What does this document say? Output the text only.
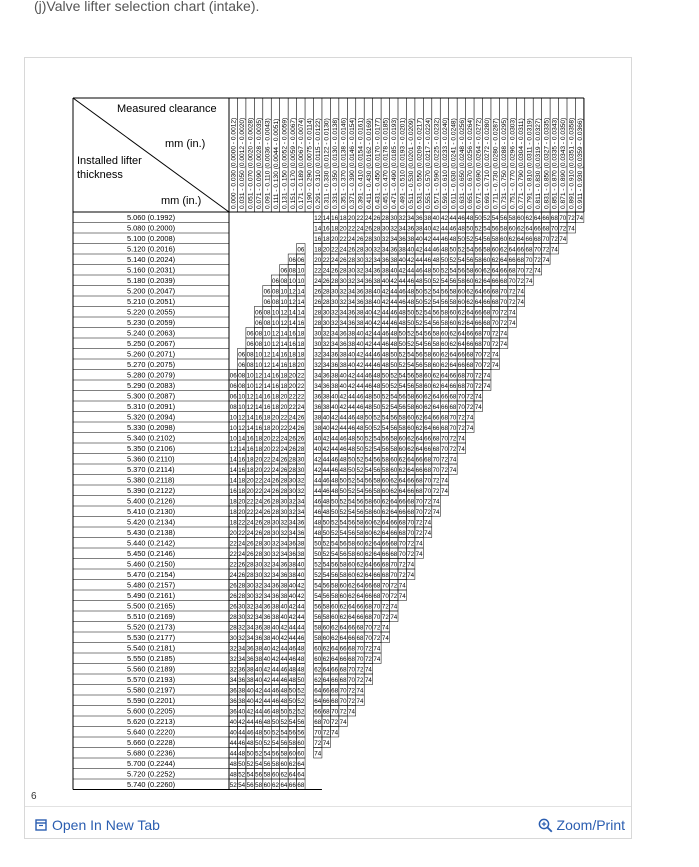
(j)Valve lifter selection chart (intake).
Measured clearance
mm (in.)
Installed lifter
thickness
mm (in.)	0.000 - 0.030 (0.0000 - 0.0012) 0.031 - 0.050 (0.0012 - 0.0020) 0.051 - 0.070 (0.0020 - 0.0028) 0.071 - 0.090 (0.0028 - 0.0035) 0.091 - 0.110 (0.0036 - 0.0043) 0.111 - 0.130 (0.0044 - 0.0051) 0.131 - 0.150 (0.0052 - 0.0059) 0.151 - 0.170 (0.0059 - 0.0067) 0.171 - 0.189 (0.0067 - 0.0074) 0.190 - 0.290 (0.0075 - 0.0114) 0.291 - 0.310 (0.0115 - 0.0122) 0.311 - 0.330 (0.0122 - 0.0130) 0.331 - 0.350 (0.0130 - 0.0138) 0.351 - 0.370 (0.0138 - 0.0146) 0.371 - 0.390 (0.0146 - 0.0154) 0.391 - 0.410 (0.0154 - 0.0161) 0.411 - 0.430 (0.0162 - 0.0169) 0.431 - 0.450 (0.0170 - 0.0177) 0.451 - 0.470 (0.0178 - 0.0185) 0.471 - 0.490 (0.0185 - 0.0193) 0.491 - 0.510 (0.0193 - 0.0201) 0.511 - 0.530 (0.0201 - 0.0209) 0.531 - 0.550 (0.0209 - 0.0217) 0.551 - 0.570 (0.0217 - 0.0224) 0.571 - 0.590 (0.0225 - 0.0232) 0.591 - 0.610 (0.0233 - 0.0240) 0.611 - 0.630 (0.0241 - 0.0248) 0.631 - 0.650 (0.0248 - 0.0256) 0.651 - 0.670 (0.0256 - 0.0264) 0.671 - 0.690 (0.0264 - 0.0272) 0.691 - 0.710 (0.0272 - 0.0280) 0.711 - 0.730 (0.0280 - 0.0287) 0.731 - 0.750 (0.0288 - 0.0295) 0.751 - 0.770 (0.0296 - 0.0303) 0.771 - 0.790 (0.0304 - 0.0311) 0.791 - 0.810 (0.0311 - 0.0319) 0.811 - 0.830 (0.0319 - 0.0327) 0.831 - 0.850 (0.0327 - 0.0335) 0.851 - 0.870 (0.0335 - 0.0343) 0.871 - 0.890 (0.0343 - 0.0350) 0.891 - 0.910 (0.0351 - 0.0358) 0.911 - 0.930 (0.0359 - 0.0366)
5.060 (0.1992)
5.080 (0.2000)
5.100 (0.2008)
5.120 (0.2016)
5.140 (0.2024)
5.160 (0.2031)
5.180 (0.2039)
5.200 (0.2047)
5.210 (0.2051)
5.220 (0.2055)
5.230 (0.2059)
5.240 (0.2063)
5.250 (0.2067)
5.260 (0.2071)
5.270 (0.2075)
5.280 (0.2079)
5.290 (0.2083)
5.300 (0.2087)
5.310 (0.2091)
5.320 (0.2094)
5.330 (0.2098)
5.340 (0.2102)
5.350 (0.2106)
5.360 (0.2110)
5.370 (0.2114)
5.380 (0.2118)
5.390 (0.2122)
5.400 (0.2126)
5.410 (0.2130)
5.420 (0.2134)
5.430 (0.2138)
5.440 (0.2142)
5.450 (0.2146)
5.460 (0.2150)
5.470 (0.2154)
5.480 (0.2157)
5.490 (0.2161)
5.500 (0.2165)
5.510 (0.2169)
5.520 (0.2173)
5.530 (0.2177)
5.540 (0.2181)
5.550 (0.2185)
5.560 (0.2189)
5.570 (0.2193)
5.580 (0.2197)
5.590 (0.2201)
5.600 (0.2205)
5.620 (0.2213)
5.640 (0.2220)
5.660 (0.2228)
5.680 (0.2236)
5.700 (0.2244)
5.720 (0.2252)
5.740 (0.2260)
12 14 16 18 20 22 24 26 28 30 32 34 36 38 40 42 44 46 48 50 52 54 56 58 60 62 64 66 68 70 72 74
14 16 18 20 22 24 26 28 30 32 34 36 38 40 42 44 46 48 50 52 54 56 58 60 62 64 66 68 70 72 74
16 18 20 22 24 26 28 30 32 34 36 38 40 42 44 46 48 50 52 54 56 58 60 62 64 66 68 70 72 74
06 18 20 22 24 26 28 30 32 34 36 38 40 42 44 46 48 50 52 54 56 58 60 62 64 66 68 70 72 74
06 06 20 22 24 26 28 30 32 34 36 38 40 42 44 46 48 50 52 54 56 58 60 62 64 66 68 70 72 74
06 08 10 22 24 26 28 30 32 34 36 38 40 42 44 46 48 50 52 54 56 58 60 62 64 66 68 70 72 74
06 08 10 10 24 26 28 30 32 34 36 38 40 42 44 46 48 50 52 54 56 58 60 62 64 66 68 70 72 74
06 08 10 12 14 26 28 30 32 34 36 38 40 42 44 46 48 50 52 54 56 58 60 62 64 66 68 70 72 74
06 08 10 12 14 26 28 30 32 34 36 38 40 42 44 46 48 50 52 54 56 58 60 62 64 66 68 70 72 74
06 08 10 12 14 14 28 30 32 34 36 38 40 42 44 46 48 50 52 54 56 58 60 62 64 66 68 70 72 74
06 08 10 12 14 16 28 30 32 34 36 38 40 42 44 46 48 50 52 54 56 58 60 62 64 66 68 70 72 74
06 08 10 12 14 16 18 30 32 34 36 38 40 42 44 46 48 50 52 54 56 58 60 62 64 66 68 70 72 74
06 08 10 12 14 16 18 30 32 34 36 38 40 42 44 46 48 50 52 54 56 58 60 62 64 66 68 70 72 74
06 08 10 12 14 16 18 18 32 34 36 38 40 42 44 46 48 50 52 54 56 58 60 62 64 66 68 70 72 74
06 08 10 12 14 16 18 20 32 34 36 38 40 42 44 46 48 50 52 54 56 58 60 62 64 66 68 70 72 74
06 08 10 12 14 16 18 20 22 34 36 38 40 42 44 46 48 50 52 54 56 58 60 62 64 66 68 70 72 74
06 08 10 12 14 16 18 20 22 34 36 38 40 42 44 46 48 50 52 54 56 58 60 62 64 66 68 70 72 74
06 10 12 14 16 18 20 22 22 36 38 40 42 44 46 48 50 52 54 56 58 60 62 64 66 68 70 72 74
08 10 12 14 16 18 20 22 24 36 38 40 42 44 46 48 50 52 54 56 58 60 62 64 66 68 70 72 74
10 12 14 16 18 20 22 24 26 38 40 42 44 46 48 50 52 54 56 58 60 62 64 66 68 70 72 74
10 12 14 16 18 20 22 24 26 38 40 42 44 46 48 50 52 54 56 58 60 62 64 66 68 70 72 74
10 14 16 18 20 22 24 26 26 40 42 44 46 48 50 52 54 56 58 60 62 64 66 68 70 72 74
12 14 16 18 20 22 24 26 28 40 42 44 46 48 50 52 54 56 58 60 62 64 66 68 70 72 74
14 16 18 20 22 24 26 28 30 42 44 46 48 50 52 54 56 58 60 62 64 66 68 70 72 74
14 16 18 20 22 24 26 28 30 42 44 46 48 50 52 54 56 58 60 62 64 66 68 70 72 74
14 18 20 22 24 26 28 30 32 44 46 48 50 52 54 56 58 60 62 64 66 68 70 72 74
16 18 20 22 24 26 28 30 32 44 46 48 50 52 54 56 58 60 62 64 66 68 70 72 74
18 20 22 24 26 28 30 32 34 46 48 50 52 54 56 58 60 62 64 66 68 70 72 74
18 20 22 24 26 28 30 32 34 46 48 50 52 54 56 58 60 62 64 66 68 70 72 74
18 22 24 26 28 30 32 34 36 48 50 52 54 56 58 60 62 64 66 68 70 72 74
20 22 24 26 28 30 32 34 36 48 50 52 54 56 58 60 62 64 66 68 70 72 74
22 24 26 28 30 32 34 36 38 50 52 54 56 58 60 62 64 66 68 70 72 74
22 24 26 28 30 32 34 36 38 50 52 54 56 58 60 62 64 66 68 70 72 74
22 26 28 30 32 34 36 38 40 52 54 56 58 60 62 64 66 68 70 72 74
24 26 28 30 32 34 36 38 40 52 54 56 58 60 62 64 66 68 70 72 74
26 28 30 32 34 36 38 40 42 54 56 58 60 62 64 66 68 70 72 74
26 28 30 32 34 36 38 40 42 54 56 58 60 62 64 66 68 70 72 74
26 30 32 34 36 38 40 42 44 56 58 60 62 64 66 68 70 72 74
28 30 32 34 36 38 40 42 44 56 58 60 62 64 66 68 70 72 74
28 32 34 36 38 40 42 44 44 58 60 62 64 66 68 70 72 74
30 32 34 36 38 40 42 44 46 58 60 62 64 66 68 70 72 74
32 34 36 38 40 42 44 46 48 60 62 64 66 68 70 72 74
32 34 36 38 40 42 44 46 48 60 62 64 66 68 70 72 74
32 36 38 40 42 44 46 48 48 62 64 66 68 70 72 74
34 36 38 40 42 44 46 48 50 62 64 66 68 70 72 74
36 38 40 42 44 46 48 50 52 64 66 68 70 72 74
36 38 40 42 44 46 48 50 52 64 66 68 70 72 74
36 40 42 44 46 48 50 52 52 66 68 70 72 74
40 42 44 46 48 50 52 54 56 68 70 72 74
40 44 46 48 50 52 54 56 56 70 72 74
44 46 48 50 52 54 56 58 60 72 74
44 48 50 52 54 56 58 60 60 74
48 50 52 54 56 58 60 62 64
48 52 54 56 58 60 62 64 64
52 54 56 58 60 62 64 66 68
6
Open In New Tab	Zoom/Print
